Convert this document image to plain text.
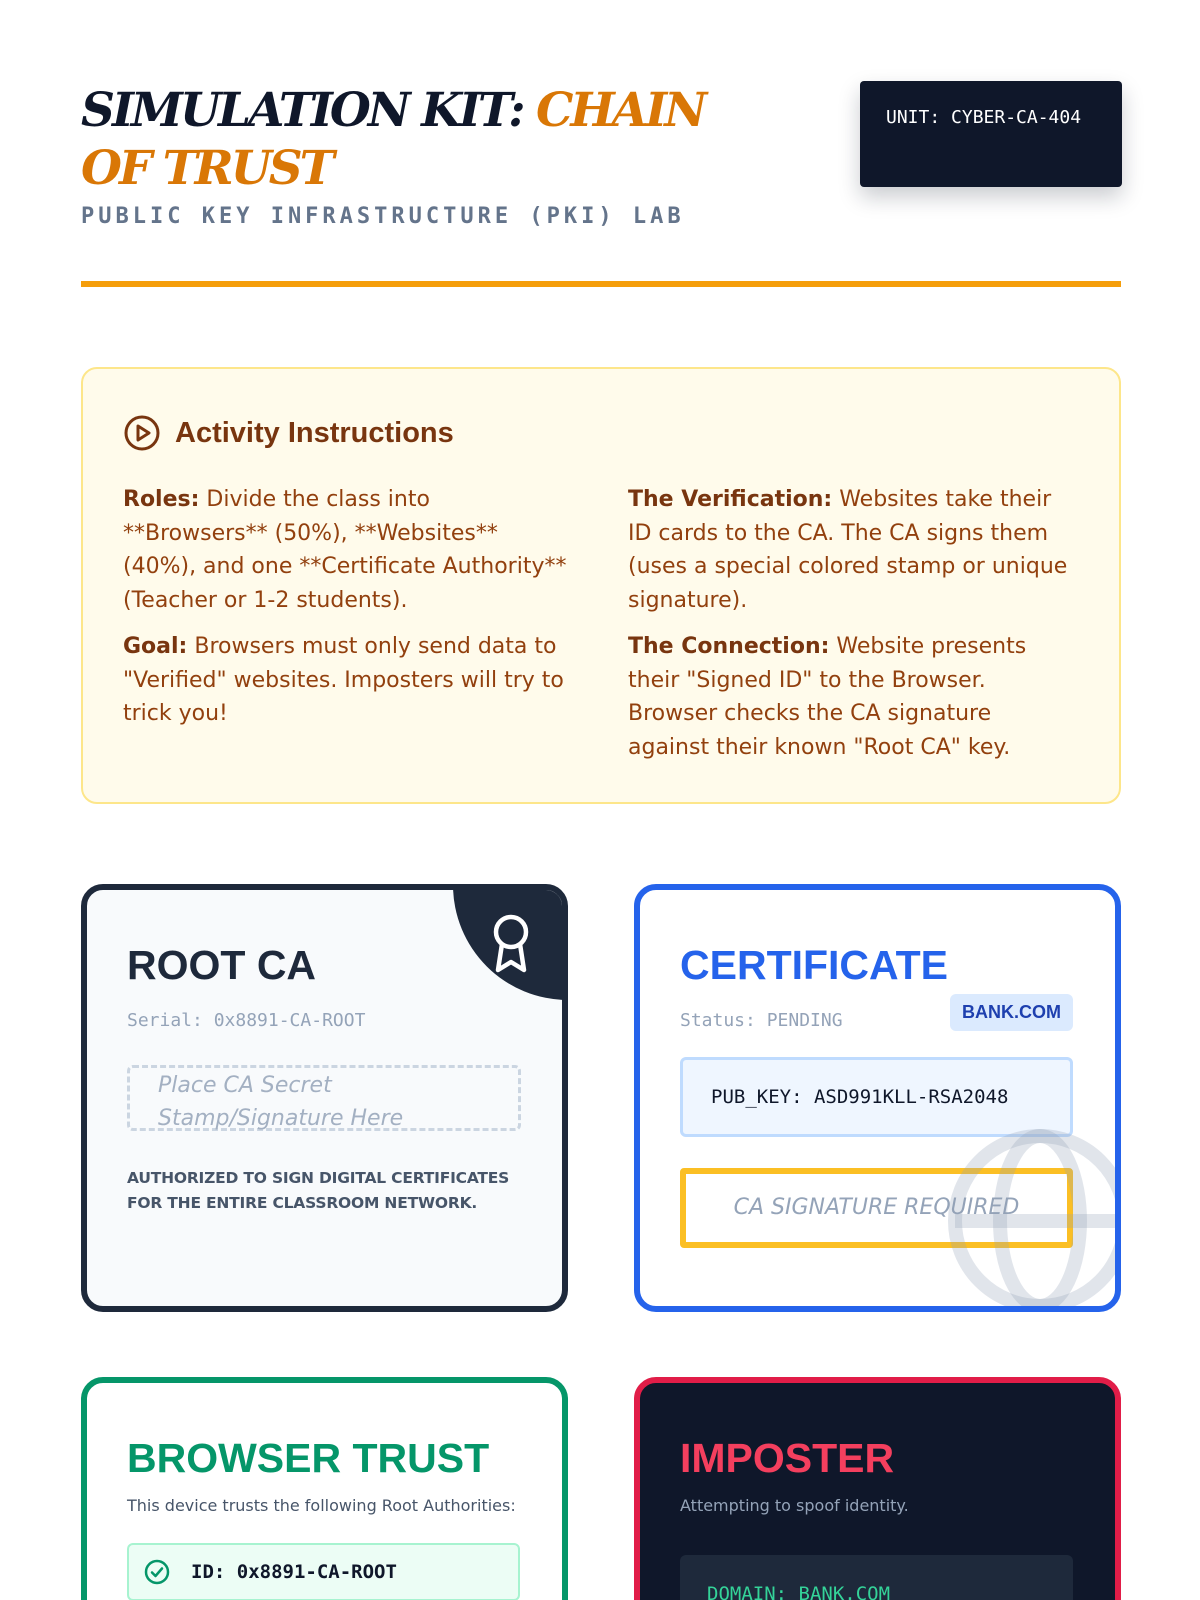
SIMULATION KIT: CHAIN OF TRUST
PUBLIC KEY INFRASTRUCTURE (PKI) LAB
UNIT: CYBER-CA-404
Activity Instructions

Roles: Divide the class into **Browsers** (50%), **Websites** (40%), and one **Certificate Authority** (Teacher or 1-2 students).

Goal: Browsers must only send data to "Verified" websites. Imposters will try to trick you!

The Verification: Websites take their ID cards to the CA. The CA signs them (uses a special colored stamp or unique signature).

The Connection: Website presents their "Signed ID" to the Browser. Browser checks the CA signature against their known "Root CA" key.

ROOT CA
Serial: 0x8891-CA-ROOT
Place CA Secret Stamp/Signature Here
AUTHORIZED TO SIGN DIGITAL CERTIFICATES FOR THE ENTIRE CLASSROOM NETWORK.
CERTIFICATE
Status: PENDING	BANK.COM
PUB_KEY: ASD991KLL-RSA2048
CA SIGNATURE REQUIRED
BROWSER TRUST
This device trusts the following Root Authorities:
ID: 0x8891-CA-ROOT
IMPOSTER
Attempting to spoof identity.
DOMAIN: BANK.COM
